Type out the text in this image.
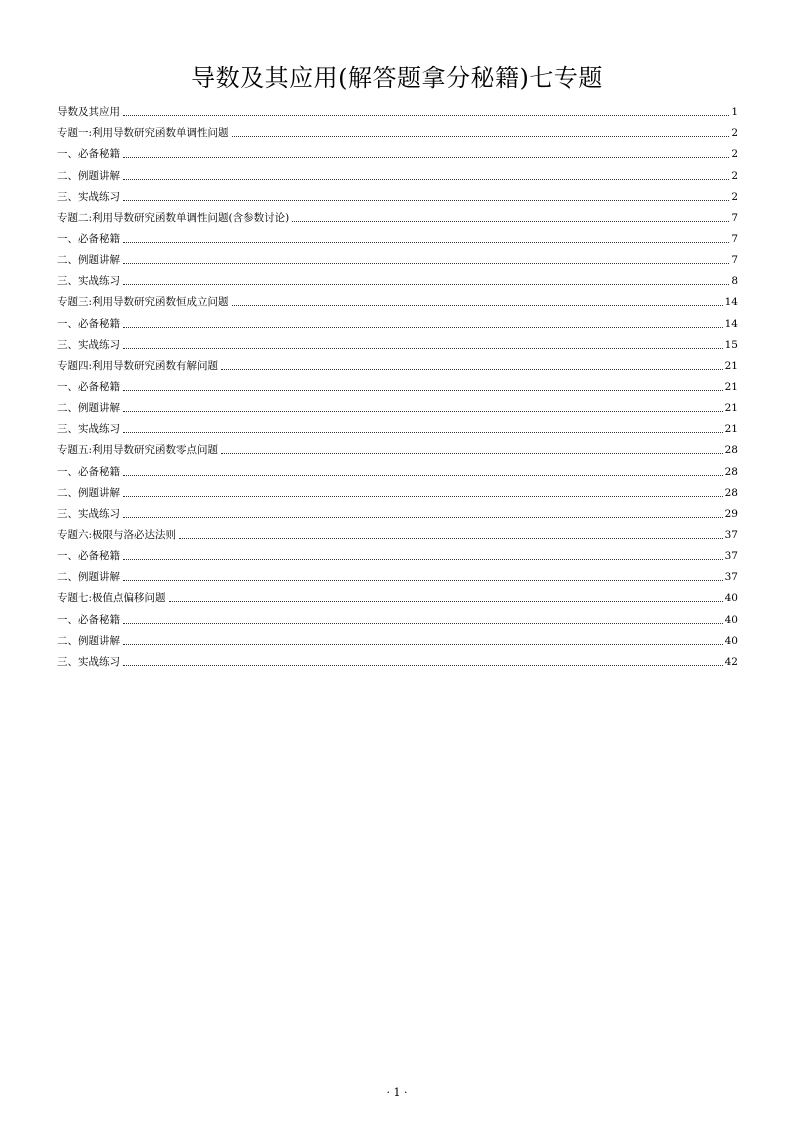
导数及其应用(解答题拿分秘籍)七专题
导数及其应用	1
专题一:利用导数研究函数单调性问题	2
一、必备秘籍	2
二、例题讲解	2
三、实战练习	2
专题二:利用导数研究函数单调性问题(含参数讨论)	7
一、必备秘籍	7
二、例题讲解	7
三、实战练习	8
专题三:利用导数研究函数恒成立问题	14
一、必备秘籍	14
三、实战练习	15
专题四:利用导数研究函数有解问题	21
一、必备秘籍	21
二、例题讲解	21
三、实战练习	21
专题五:利用导数研究函数零点问题	28
一、必备秘籍	28
二、例题讲解	28
三、实战练习	29
专题六:极限与洛必达法则	37
一、必备秘籍	37
二、例题讲解	37
专题七:极值点偏移问题	40
一、必备秘籍	40
二、例题讲解	40
三、实战练习	42
· 1 ·
